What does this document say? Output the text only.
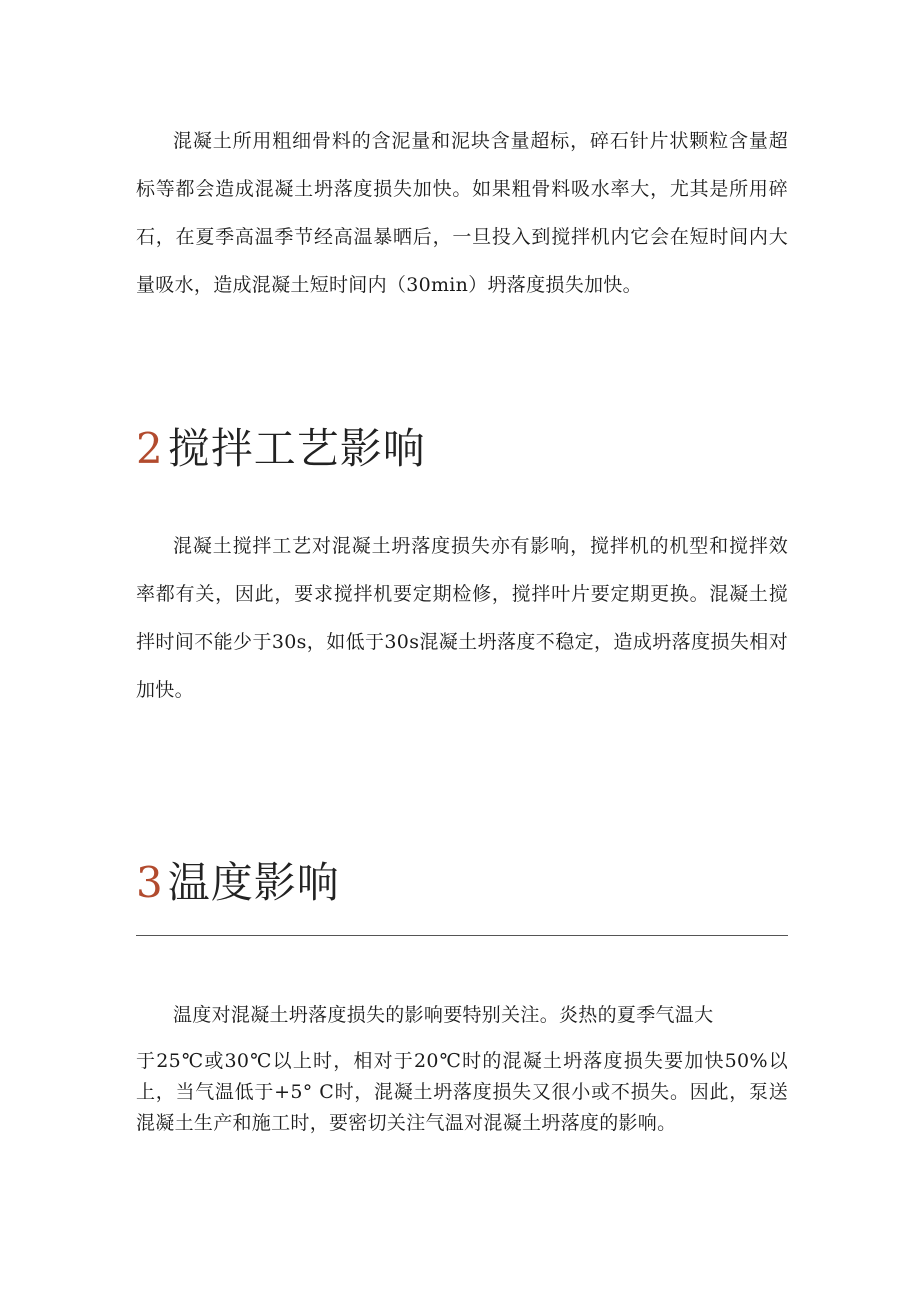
混凝土所用粗细骨料的含泥量和泥块含量超标，碎石针片状颗粒含量超标等都会造成混凝土坍落度损失加快。如果粗骨料吸水率大，尤其是所用碎石，在夏季高温季节经高温暴晒后，一旦投入到搅拌机内它会在短时间内大量吸水，造成混凝土短时间内（30min）坍落度损失加快。

2搅拌工艺影响

混凝土搅拌工艺对混凝土坍落度损失亦有影响，搅拌机的机型和搅拌效率都有关，因此，要求搅拌机要定期检修，搅拌叶片要定期更换。混凝土搅拌时间不能少于30s，如低于30s混凝土坍落度不稳定，造成坍落度损失相对加快。

3温度影响

温度对混凝土坍落度损失的影响要特别关注。炎热的夏季气温大

于25℃或30℃以上时，相对于20℃时的混凝土坍落度损失要加快50%以上，当气温低于+5° C时，混凝土坍落度损失又很小或不损失。因此，泵送混凝土生产和施工时，要密切关注气温对混凝土坍落度的影响。
